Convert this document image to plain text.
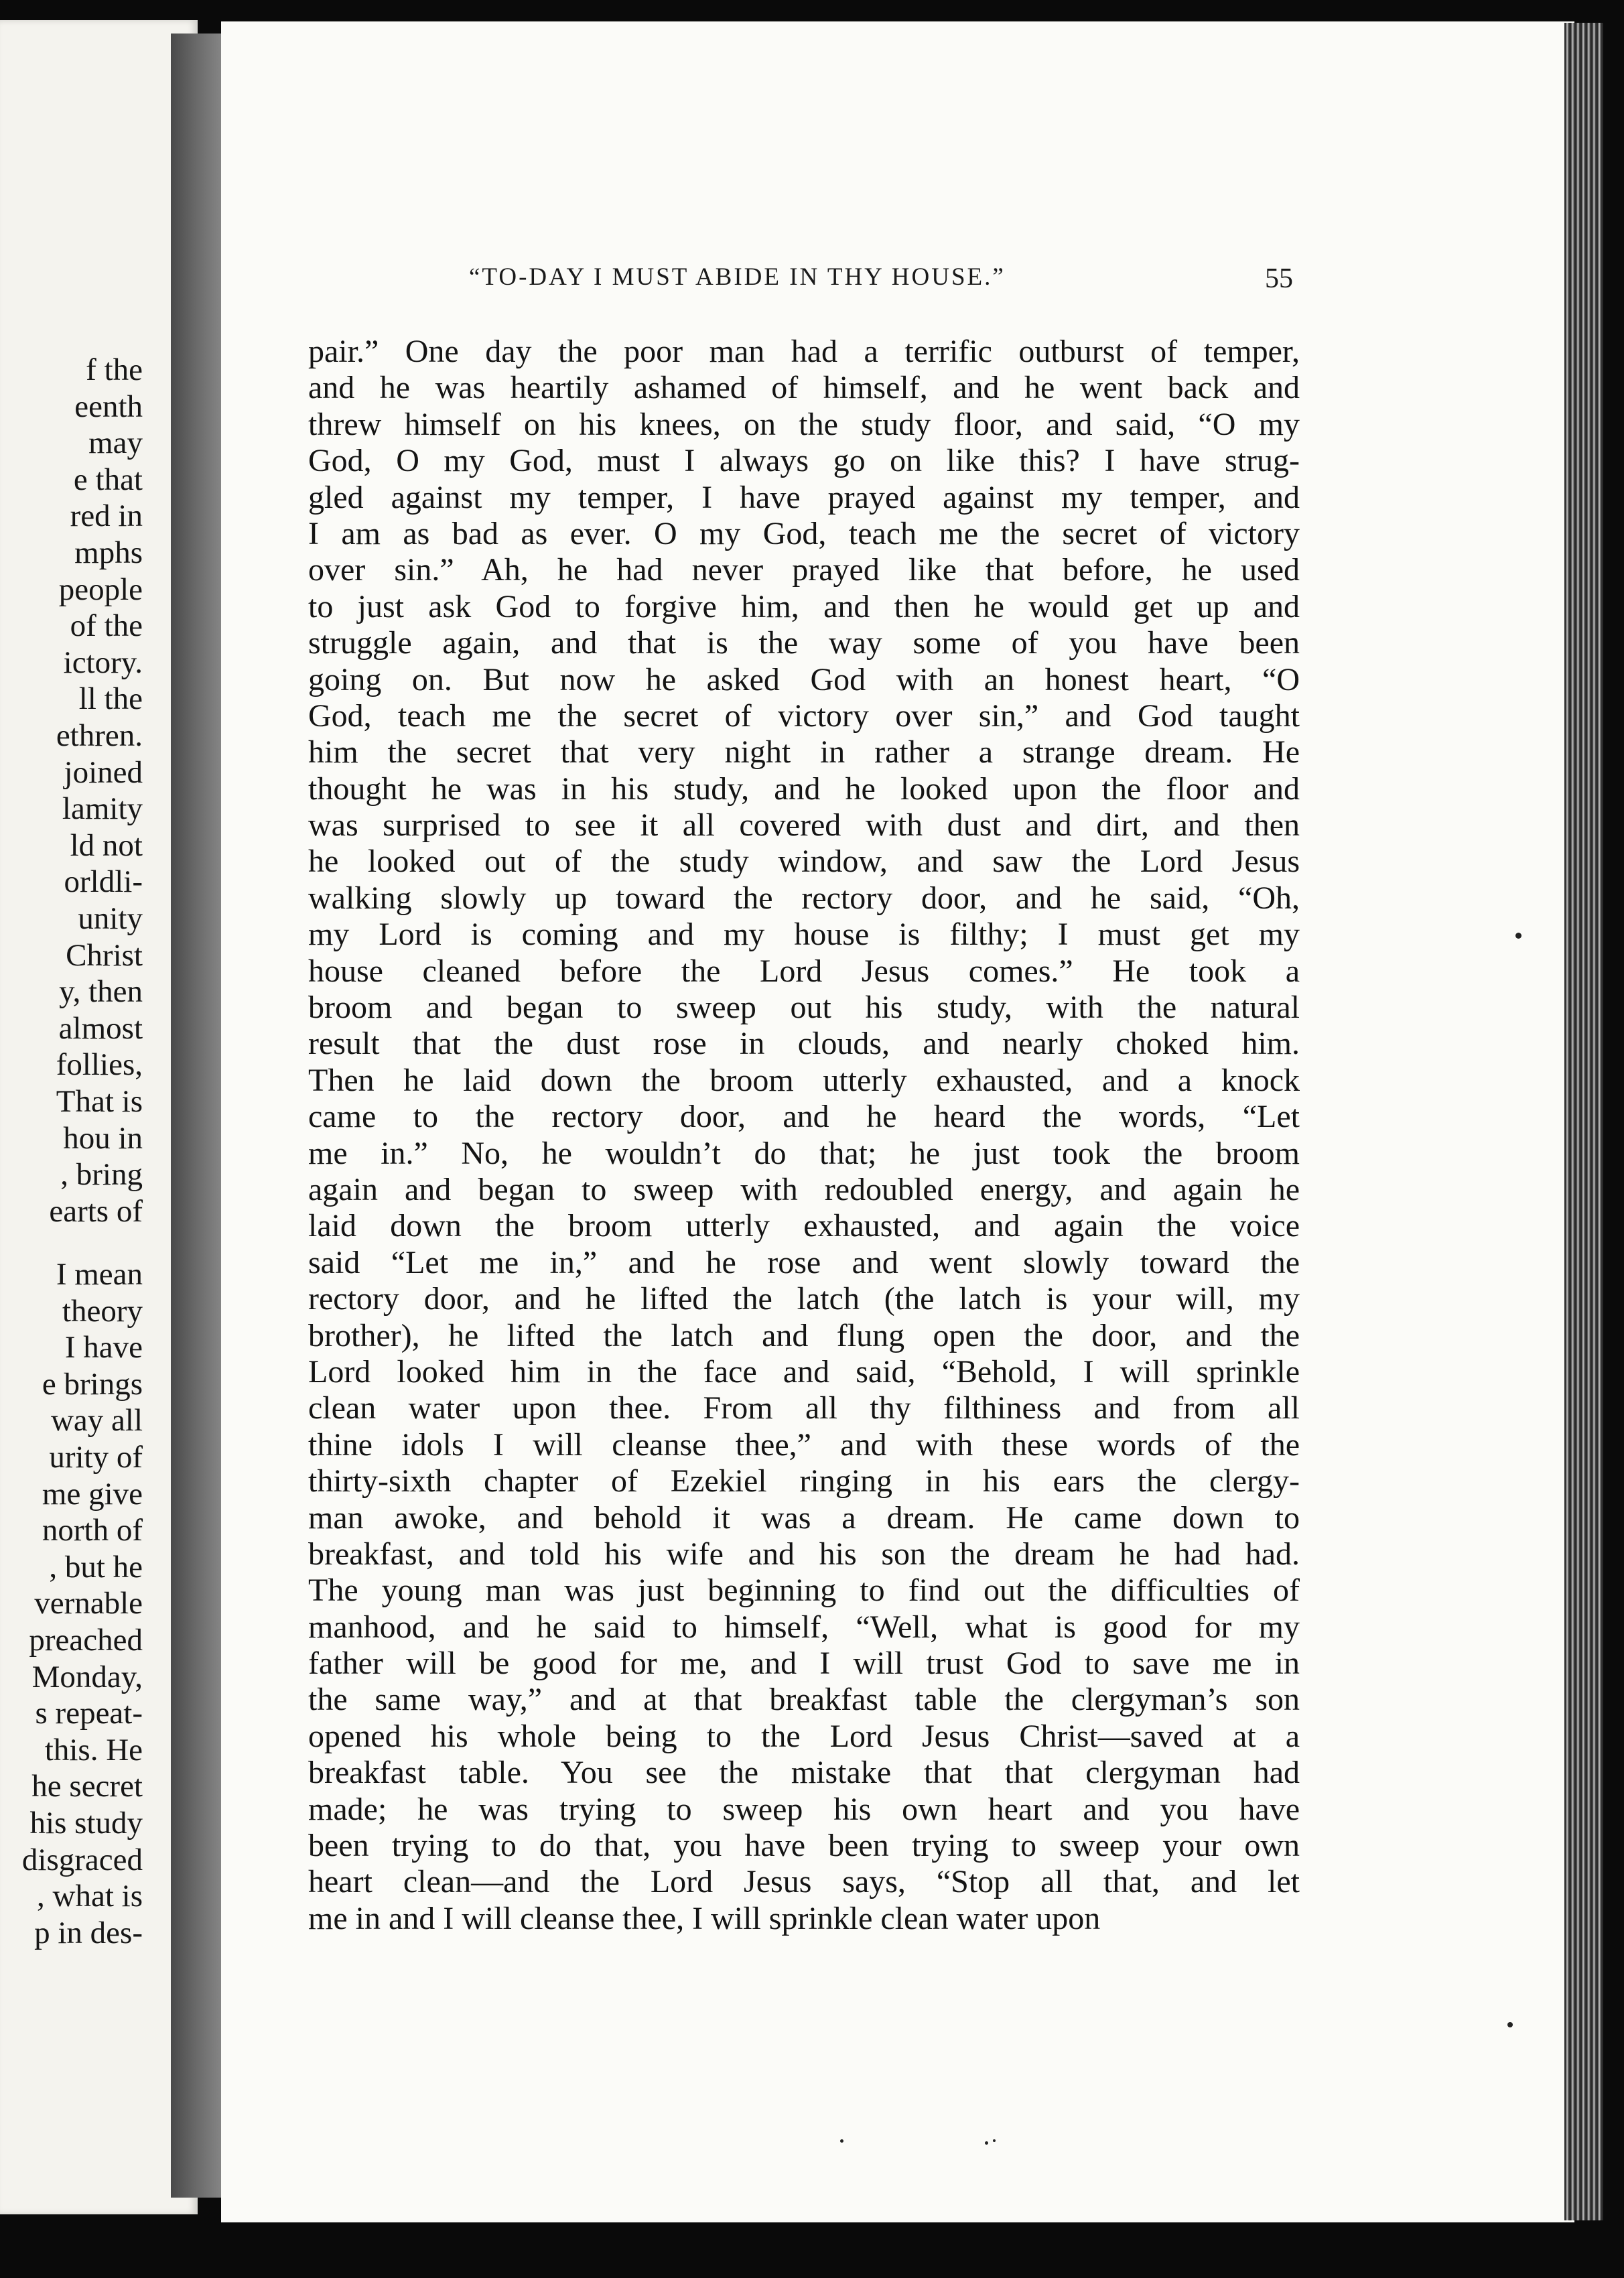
f the
eenth
may
e that
red in
mphs
people
of the
ictory.
ll the
ethren.
joined
lamity
ld not
orldli-
unity
Christ
y, then
almost
follies,
That is
hou in
, bring
earts of
I mean
theory
I have
e brings
way all
urity of
me give
north of
, but he
vernable
preached
Monday,
s repeat-
this. He
he secret
his study
disgraced
, what is
p in des-
“TO-DAY I MUST ABIDE IN THY HOUSE.”	55
pair.” One day the poor man had a terrific outburst of temper,
and he was heartily ashamed of himself, and he went back and
threw himself on his knees, on the study floor, and said, “O my
God, O my God, must I always go on like this? I have strug-
gled against my temper, I have prayed against my temper, and
I am as bad as ever. O my God, teach me the secret of victory
over sin.” Ah, he had never prayed like that before, he used
to just ask God to forgive him, and then he would get up and
struggle again, and that is the way some of you have been
going on. But now he asked God with an honest heart, “O
God, teach me the secret of victory over sin,” and God taught
him the secret that very night in rather a strange dream. He
thought he was in his study, and he looked upon the floor and
was surprised to see it all covered with dust and dirt, and then
he looked out of the study window, and saw the Lord Jesus
walking slowly up toward the rectory door, and he said, “Oh,
my Lord is coming and my house is filthy; I must get my
house cleaned before the Lord Jesus comes.” He took a
broom and began to sweep out his study, with the natural
result that the dust rose in clouds, and nearly choked him.
Then he laid down the broom utterly exhausted, and a knock
came to the rectory door, and he heard the words, “Let
me in.” No, he wouldn’t do that; he just took the broom
again and began to sweep with redoubled energy, and again he
laid down the broom utterly exhausted, and again the voice
said “Let me in,” and he rose and went slowly toward the
rectory door, and he lifted the latch (the latch is your will, my
brother), he lifted the latch and flung open the door, and the
Lord looked him in the face and said, “Behold, I will sprinkle
clean water upon thee. From all thy filthiness and from all
thine idols I will cleanse thee,” and with these words of the
thirty-sixth chapter of Ezekiel ringing in his ears the clergy-
man awoke, and behold it was a dream. He came down to
breakfast, and told his wife and his son the dream he had had.
The young man was just beginning to find out the difficulties of
manhood, and he said to himself, “Well, what is good for my
father will be good for me, and I will trust God to save me in
the same way,” and at that breakfast table the clergyman’s son
opened his whole being to the Lord Jesus Christ—saved at a
breakfast table. You see the mistake that that clergyman had
made; he was trying to sweep his own heart and you have
been trying to do that, you have been trying to sweep your own
heart clean—and the Lord Jesus says, “Stop all that, and let
me in and I will cleanse thee, I will sprinkle clean water upon
